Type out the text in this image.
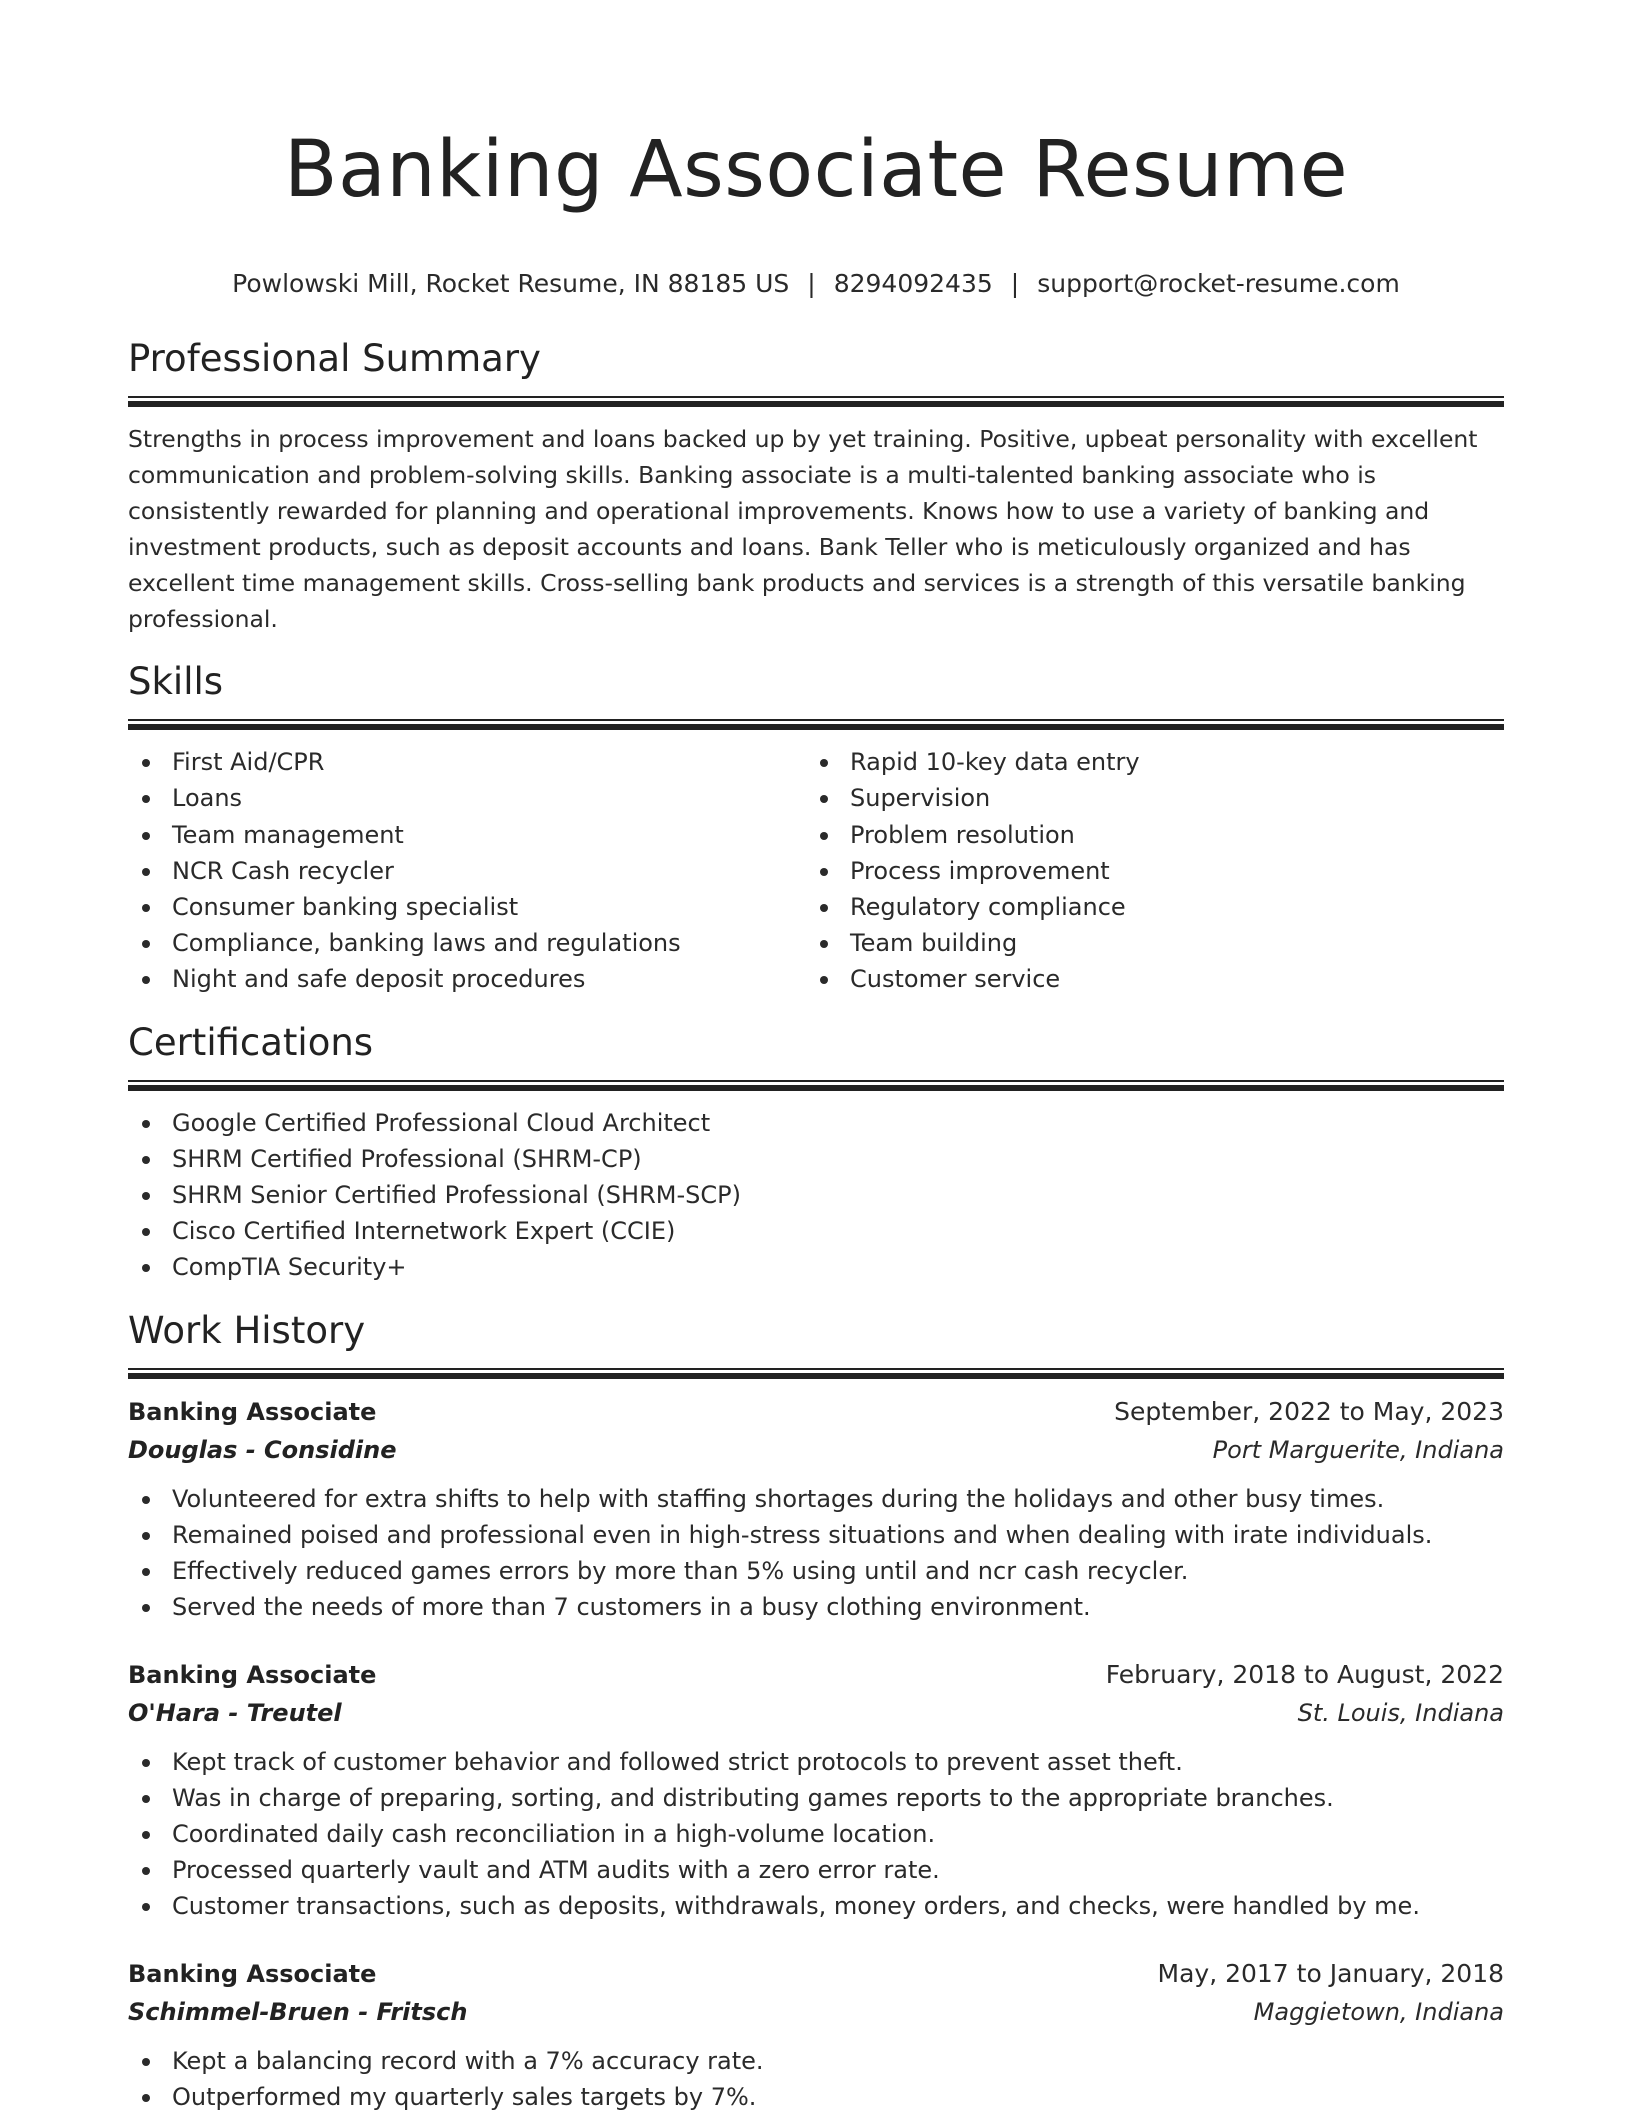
Banking Associate Resume
Powlowski Mill, Rocket Resume, IN 88185 US | 8294092435 | support@rocket-resume.com
Professional Summary

Strengths in process improvement and loans backed up by yet training. Positive, upbeat personality with excellent communication and problem-solving skills. Banking associate is a multi-talented banking associate who is consistently rewarded for planning and operational improvements. Knows how to use a variety of banking and investment products, such as deposit accounts and loans. Bank Teller who is meticulously organized and has excellent time management skills. Cross-selling bank products and services is a strength of this versatile banking professional.

Skills
First Aid/CPR
Loans
Team management
NCR Cash recycler
Consumer banking specialist
Compliance, banking laws and regulations
Night and safe deposit procedures
Rapid 10-key data entry
Supervision
Problem resolution
Process improvement
Regulatory compliance
Team building
Customer service
Certifications
Google Certified Professional Cloud Architect
SHRM Certified Professional (SHRM-CP)
SHRM Senior Certified Professional (SHRM-SCP)
Cisco Certified Internetwork Expert (CCIE)
CompTIA Security+
Work History
Banking Associate	September, 2022 to May, 2023
Douglas - Considine	Port Marguerite, Indiana
Volunteered for extra shifts to help with staffing shortages during the holidays and other busy times.
Remained poised and professional even in high-stress situations and when dealing with irate individuals.
Effectively reduced games errors by more than 5% using until and ncr cash recycler.
Served the needs of more than 7 customers in a busy clothing environment.
Banking Associate	February, 2018 to August, 2022
O'Hara - Treutel	St. Louis, Indiana
Kept track of customer behavior and followed strict protocols to prevent asset theft.
Was in charge of preparing, sorting, and distributing games reports to the appropriate branches.
Coordinated daily cash reconciliation in a high-volume location.
Processed quarterly vault and ATM audits with a zero error rate.
Customer transactions, such as deposits, withdrawals, money orders, and checks, were handled by me.
Banking Associate	May, 2017 to January, 2018
Schimmel-Bruen - Fritsch	Maggietown, Indiana
Kept a balancing record with a 7% accuracy rate.
Outperformed my quarterly sales targets by 7%.
